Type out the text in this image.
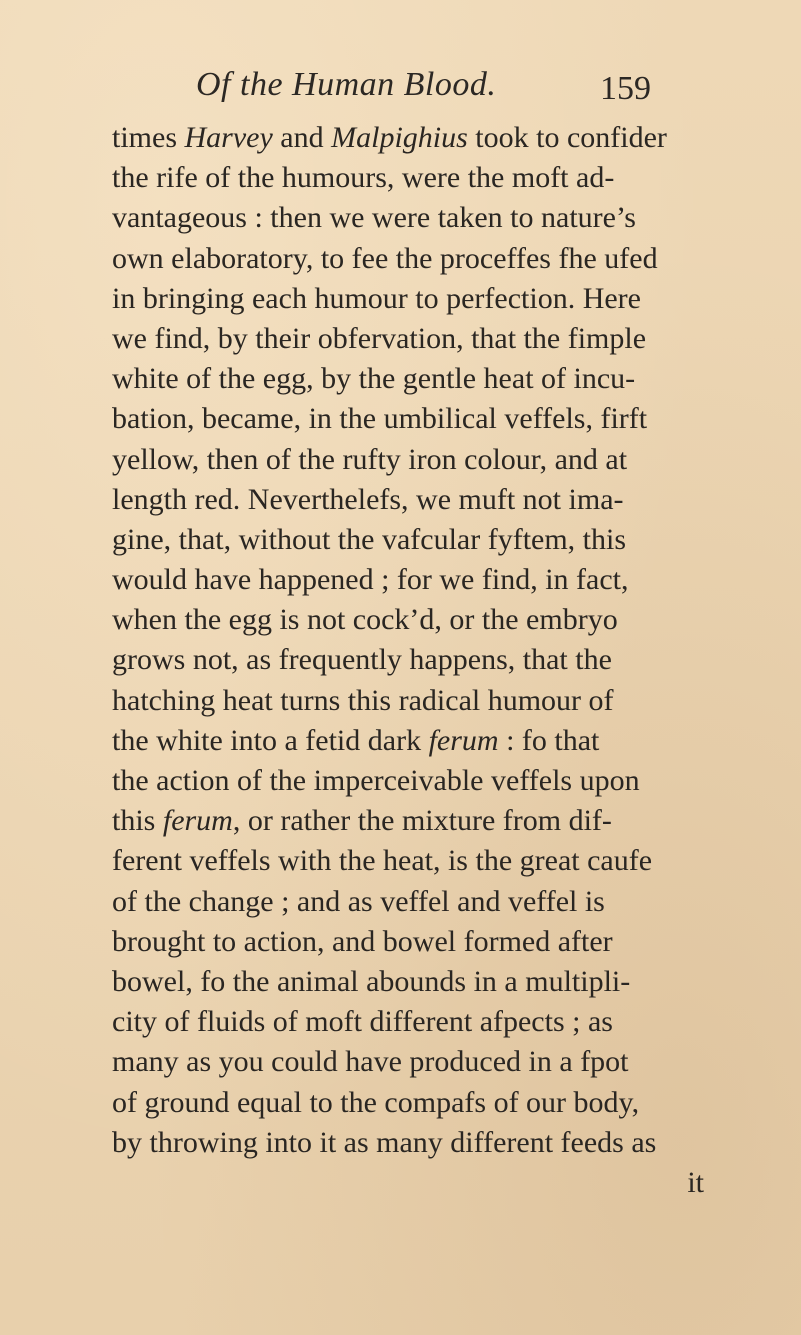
Of the Human Blood.	159
times Harvey and Malpighius took to confider
the rife of the humours, were the moft ad-
vantageous : then we were taken to nature’s
own elaboratory, to fee the proceffes fhe ufed
in bringing each humour to perfection. Here
we find, by their obfervation, that the fimple
white of the egg, by the gentle heat of incu-
bation, became, in the umbilical veffels, firft
yellow, then of the rufty iron colour, and at
length red. Neverthelefs, we muft not ima-
gine, that, without the vafcular fyftem, this
would have happened ; for we find, in fact,
when the egg is not cock’d, or the embryo
grows not, as frequently happens, that the
hatching heat turns this radical humour of
the white into a fetid dark ferum : fo that
the action of the imperceivable veffels upon
this ferum, or rather the mixture from dif-
ferent veffels with the heat, is the great caufe
of the change ; and as veffel and veffel is
brought to action, and bowel formed after
bowel, fo the animal abounds in a multipli-
city of fluids of moft different afpects ; as
many as you could have produced in a fpot
of ground equal to the compafs of our body,
by throwing into it as many different feeds as
it
